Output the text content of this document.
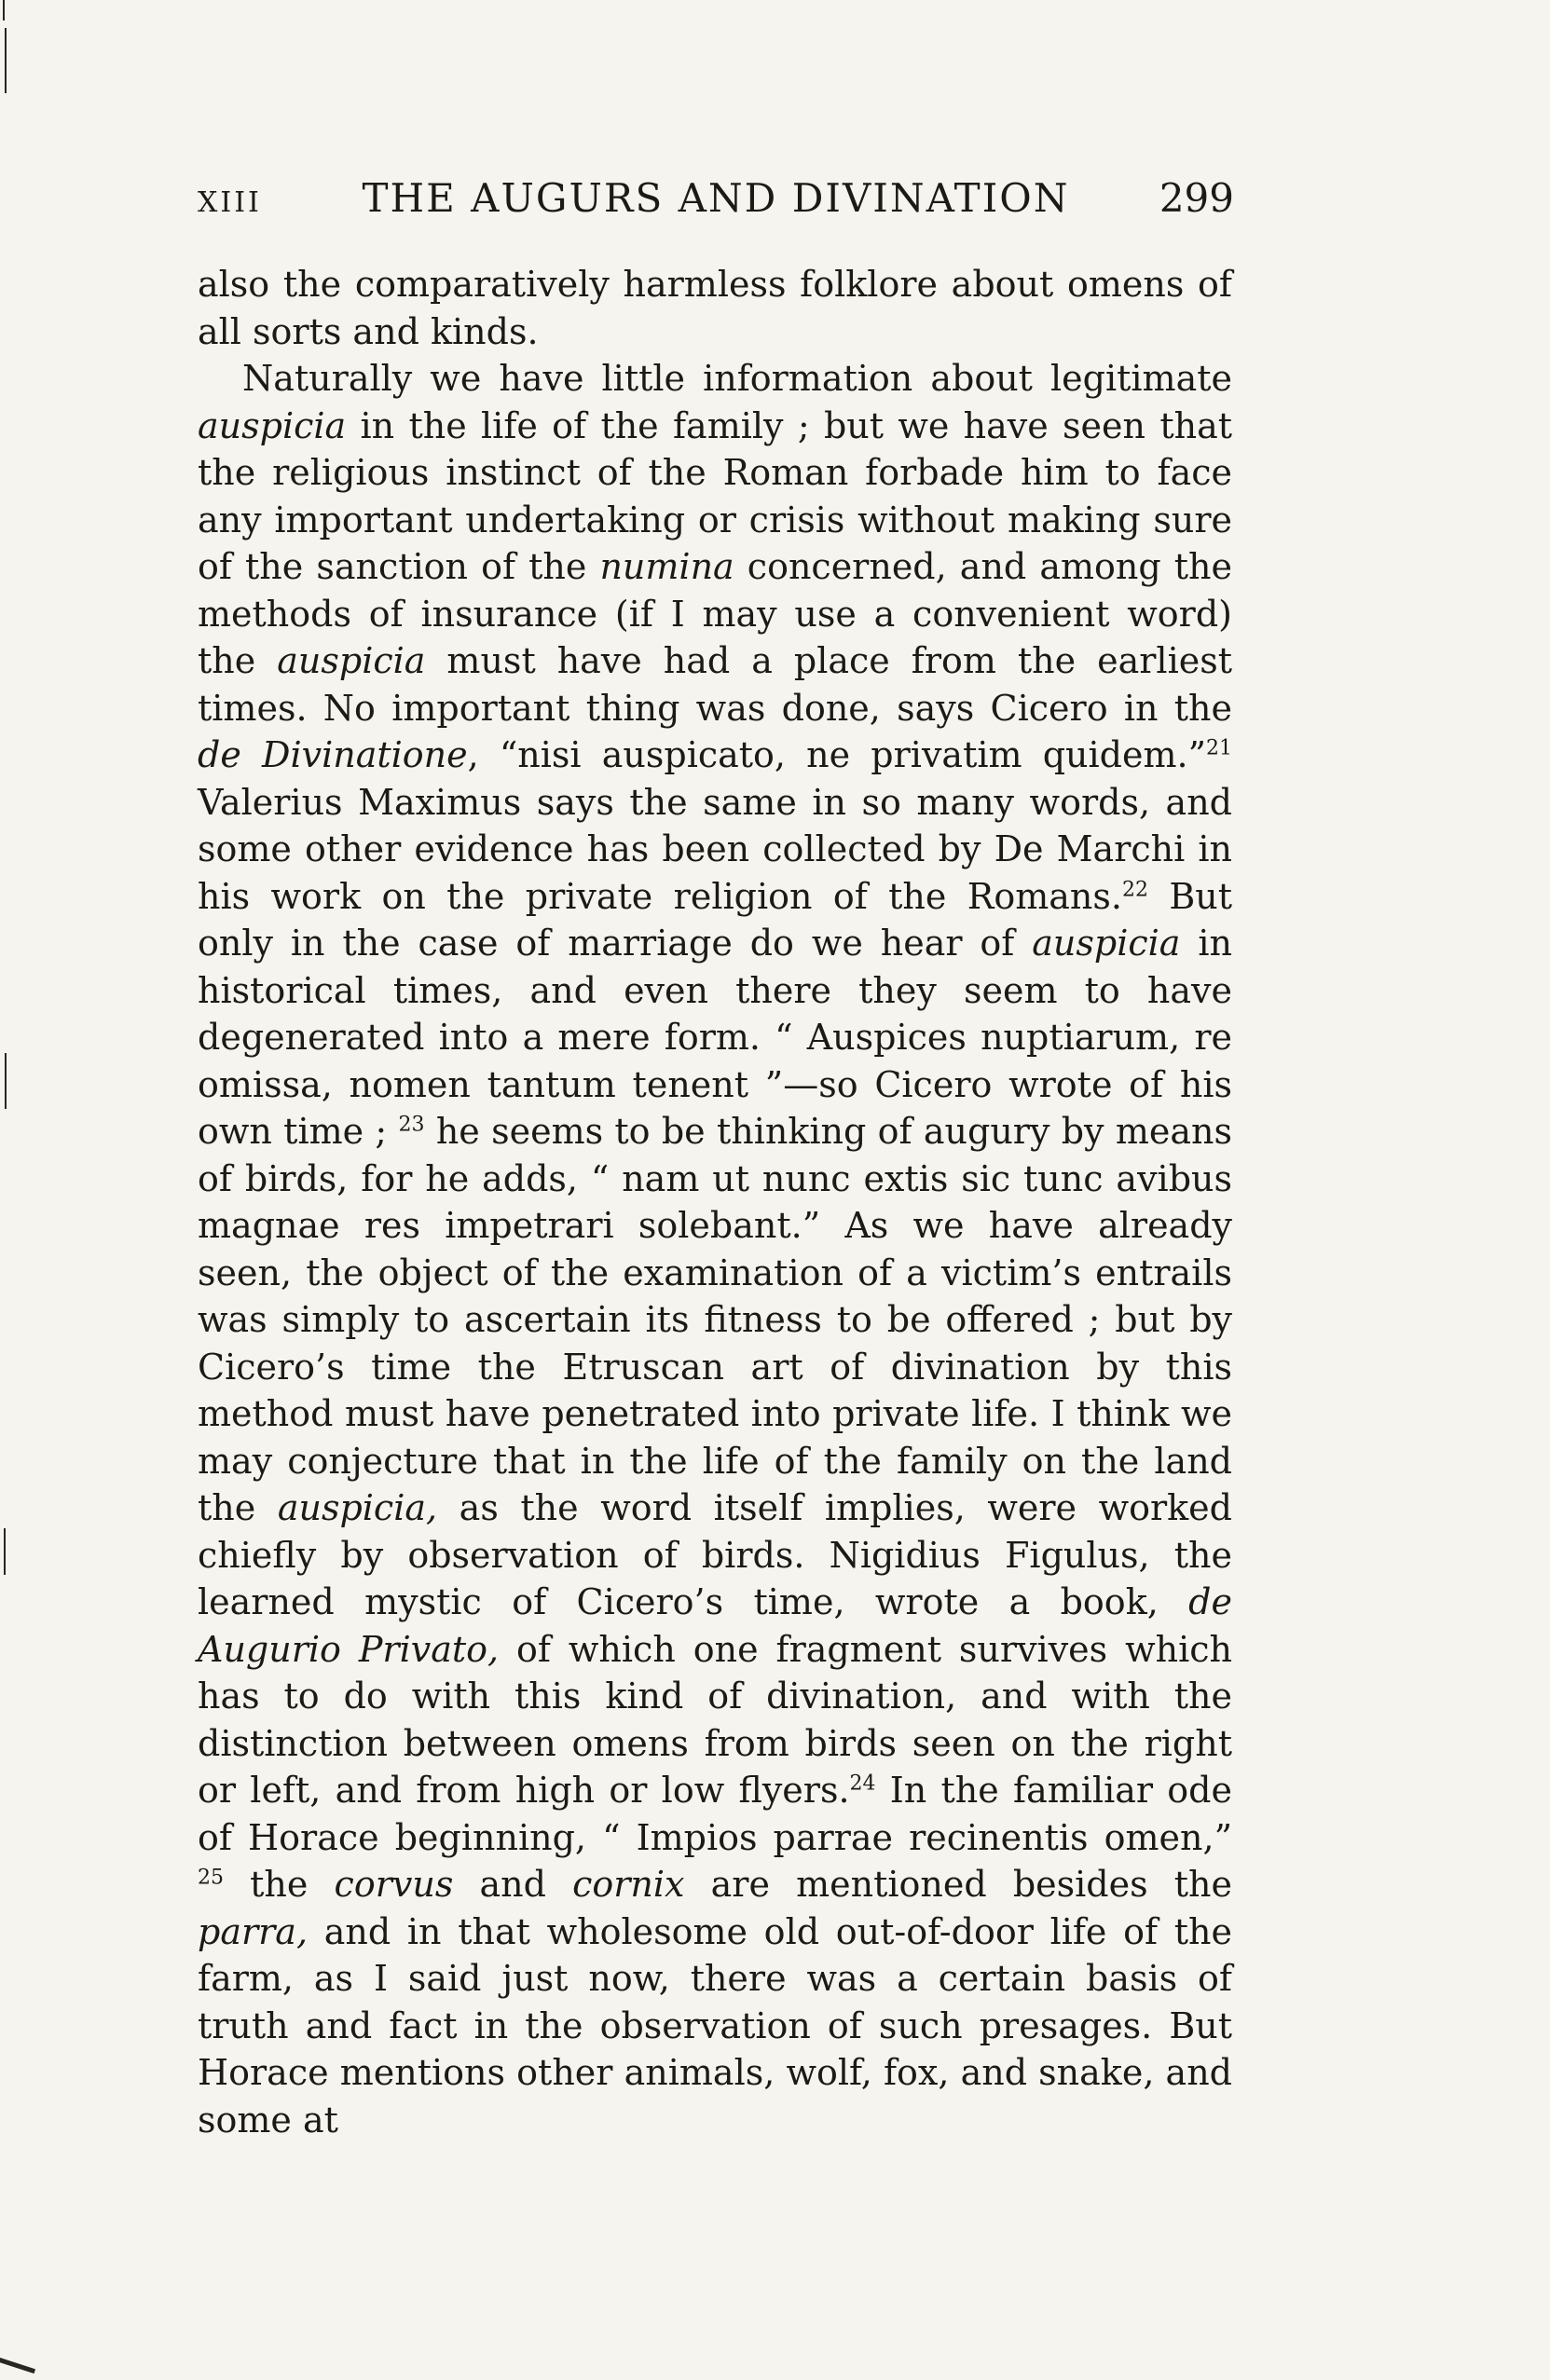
XIII	THE AUGURS AND DIVINATION	299

also the comparatively harmless folklore about omens of all sorts and kinds.

Naturally we have little information about legitimate auspicia in the life of the family ; but we have seen that the religious instinct of the Roman forbade him to face any important undertaking or crisis without making sure of the sanction of the numina concerned, and among the methods of insurance (if I may use a convenient word) the auspicia must have had a place from the earliest times. No important thing was done, says Cicero in the de Divinatione, “nisi auspicato, ne privatim quidem.”$^{21}$ Valerius Maximus says the same in so many words, and some other evidence has been collected by De Marchi in his work on the private religion of the Romans.$^{22}$ But only in the case of marriage do we hear of auspicia in historical times, and even there they seem to have degenerated into a mere form. “ Auspices nuptiarum, re omissa, nomen tantum tenent ”—so Cicero wrote of his own time ; $^{23}$ he seems to be thinking of augury by means of birds, for he adds, “ nam ut nunc extis sic tunc avibus magnae res impetrari solebant.” As we have already seen, the object of the examination of a victim’s entrails was simply to ascertain its fitness to be offered ; but by Cicero’s time the Etruscan art of divination by this method must have penetrated into private life. I think we may conjecture that in the life of the family on the land the auspicia, as the word itself implies, were worked chiefly by observation of birds. Nigidius Figulus, the learned mystic of Cicero’s time, wrote a book, de Augurio Privato, of which one fragment survives which has to do with this kind of divination, and with the distinction between omens from birds seen on the right or left, and from high or low flyers.$^{24}$ In the familiar ode of Horace beginning, “ Impios parrae recinentis omen,” $^{25}$ the corvus and cornix are mentioned besides the parra, and in that wholesome old out-of-door life of the farm, as I said just now, there was a certain basis of truth and fact in the observation of such presages. But Horace mentions other animals, wolf, fox, and snake, and some at
